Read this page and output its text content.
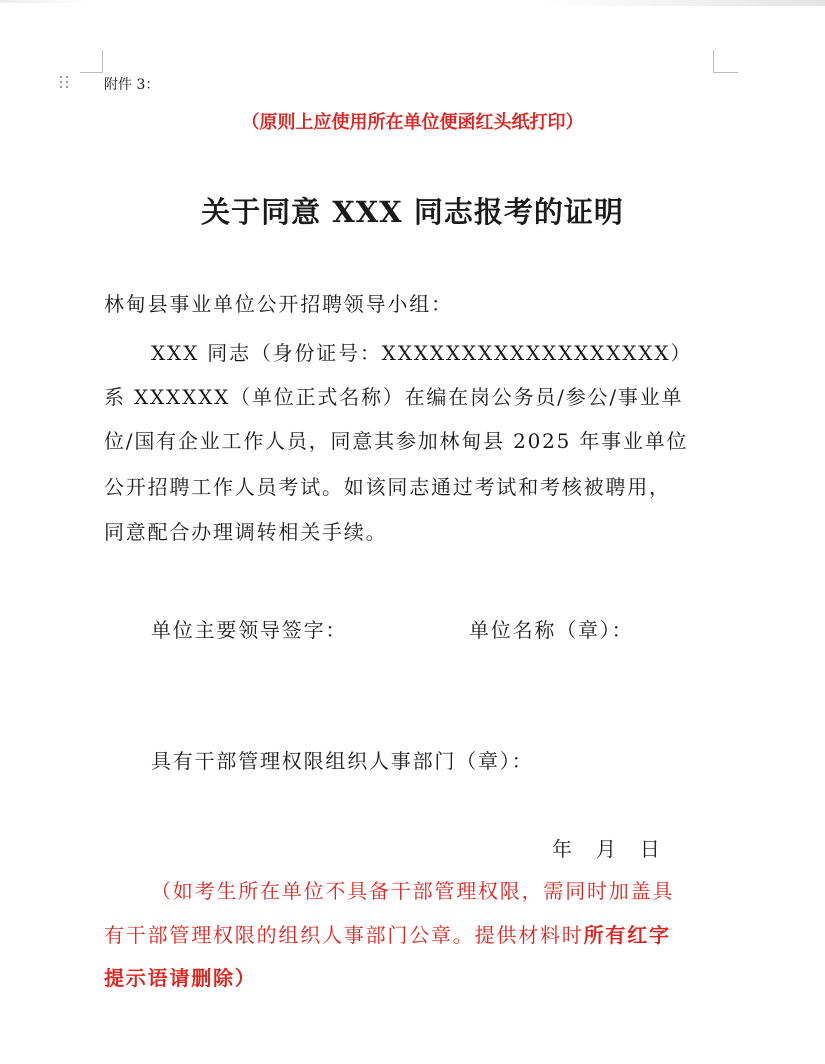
附件 3：
（原则上应使用所在单位便函红头纸打印）
关于同意 XXX 同志报考的证明
林甸县事业单位公开招聘领导小组：
XXX 同志（身份证号：XXXXXXXXXXXXXXXXXX）
系 XXXXXX（单位正式名称）在编在岗公务员/参公/事业单
位/国有企业工作人员，同意其参加林甸县 2025 年事业单位
公开招聘工作人员考试。如该同志通过考试和考核被聘用，
同意配合办理调转相关手续。
单位主要领导签字：	单位名称（章）：
具有干部管理权限组织人事部门（章）：
年 月 日
（如考生所在单位不具备干部管理权限，需同时加盖具
有干部管理权限的组织人事部门公章。提供材料时所有红字
提示语请删除）
